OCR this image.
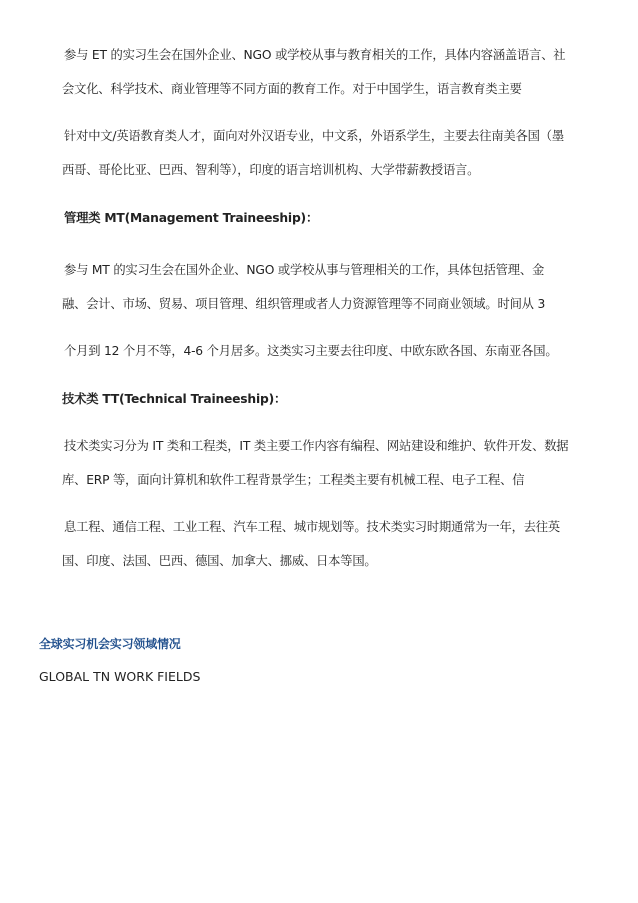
参与 ET 的实习生会在国外企业、NGO 或学校从事与教育相关的工作，具体内容涵盖语言、社
会文化、科学技术、商业管理等不同方面的教育工作。对于中国学生，语言教育类主要
针对中文/英语教育类人才，面向对外汉语专业，中文系，外语系学生，主要去往南美各国（墨
西哥、哥伦比亚、巴西、智利等），印度的语言培训机构、大学带薪教授语言。
管理类 MT(Management Traineeship)：
参与 MT 的实习生会在国外企业、NGO 或学校从事与管理相关的工作，具体包括管理、金
融、会计、市场、贸易、项目管理、组织管理或者人力资源管理等不同商业领域。时间从 3
个月到 12 个月不等，4-6 个月居多。这类实习主要去往印度、中欧东欧各国、东南亚各国。
技术类 TT(Technical Traineeship)：
技术类实习分为 IT 类和工程类，IT 类主要工作内容有编程、网站建设和维护、软件开发、数据
库、ERP 等，面向计算机和软件工程背景学生；工程类主要有机械工程、电子工程、信
息工程、通信工程、工业工程、汽车工程、城市规划等。技术类实习时期通常为一年，去往英
国、印度、法国、巴西、德国、加拿大、挪威、日本等国。
全球实习机会实习领域情况
GLOBAL TN WORK FIELDS
